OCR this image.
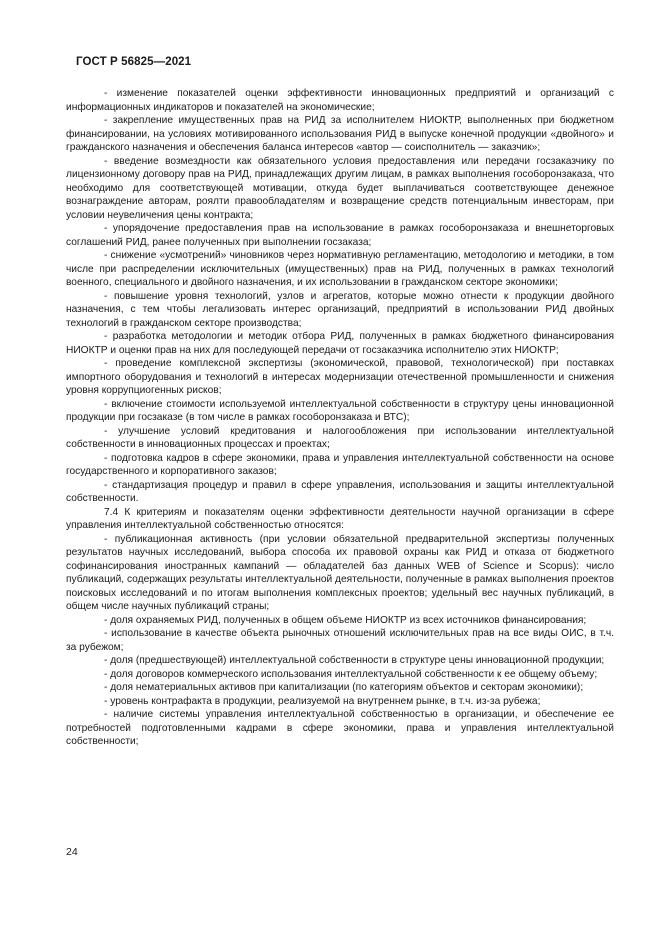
ГОСТ Р 56825—2021

- изменение показателей оценки эффективности инновационных предприятий и организаций с информационных индикаторов и показателей на экономические;

- закрепление имущественных прав на РИД за исполнителем НИОКТР, выполненных при бюджетном финансировании, на условиях мотивированного использования РИД в выпуске конечной продукции «двойного» и гражданского назначения и обеспечения баланса интересов «автор — соисполнитель — заказчик»;

- введение возмездности как обязательного условия предоставления или передачи госзаказчику по лицензионному договору прав на РИД, принадлежащих другим лицам, в рамках выполнения гособоронзаказа, что необходимо для соответствующей мотивации, откуда будет выплачиваться соответствующее денежное вознаграждение авторам, роялти правообладателям и возвращение средств потенциальным инвесторам, при условии неувеличения цены контракта;

- упорядочение предоставления прав на использование в рамках гособоронзаказа и внешнеторговых соглашений РИД, ранее полученных при выполнении госзаказа;

- снижение «усмотрений» чиновников через нормативную регламентацию, методологию и методики, в том числе при распределении исключительных (имущественных) прав на РИД, полученных в рамках технологий военного, специального и двойного назначения, и их использовании в гражданском секторе экономики;

- повышение уровня технологий, узлов и агрегатов, которые можно отнести к продукции двойного назначения, с тем чтобы легализовать интерес организаций, предприятий в использовании РИД двойных технологий в гражданском секторе производства;

- разработка методологии и методик отбора РИД, полученных в рамках бюджетного финансирования НИОКТР и оценки прав на них для последующей передачи от госзаказчика исполнителю этих НИОКТР;

- проведение комплексной экспертизы (экономической, правовой, технологической) при поставках импортного оборудования и технологий в интересах модернизации отечественной промышленности и снижения уровня коррупциогенных рисков;

- включение стоимости используемой интеллектуальной собственности в структуру цены инновационной продукции при госзаказе (в том числе в рамках гособоронзаказа и ВТС);

- улучшение условий кредитования и налогообложения при использовании интеллектуальной собственности в инновационных процессах и проектах;

- подготовка кадров в сфере экономики, права и управления интеллектуальной собственности на основе государственного и корпоративного заказов;

- стандартизация процедур и правил в сфере управления, использования и защиты интеллектуальной собственности.

7.4 К критериям и показателям оценки эффективности деятельности научной организации в сфере управления интеллектуальной собственностью относятся:

- публикационная активность (при условии обязательной предварительной экспертизы полученных результатов научных исследований, выбора способа их правовой охраны как РИД и отказа от бюджетного софинансирования иностранных кампаний — обладателей баз данных WEB of Science и Scopus): число публикаций, содержащих результаты интеллектуальной деятельности, полученные в рамках выполнения проектов поисковых исследований и по итогам выполнения комплексных проектов; удельный вес научных публикаций, в общем числе научных публикаций страны;

- доля охраняемых РИД, полученных в общем объеме НИОКТР из всех источников финансирования;

- использование в качестве объекта рыночных отношений исключительных прав на все виды ОИС, в т.ч. за рубежом;

- доля (предшествующей) интеллектуальной собственности в структуре цены инновационной продукции;

- доля договоров коммерческого использования интеллектуальной собственности к ее общему объему;

- доля нематериальных активов при капитализации (по категориям объектов и секторам экономики);

- уровень контрафакта в продукции, реализуемой на внутреннем рынке, в т.ч. из-за рубежа;

- наличие системы управления интеллектуальной собственностью в организации, и обеспечение ее потребностей подготовленными кадрами в сфере экономики, права и управления интеллектуальной собственности;

24
